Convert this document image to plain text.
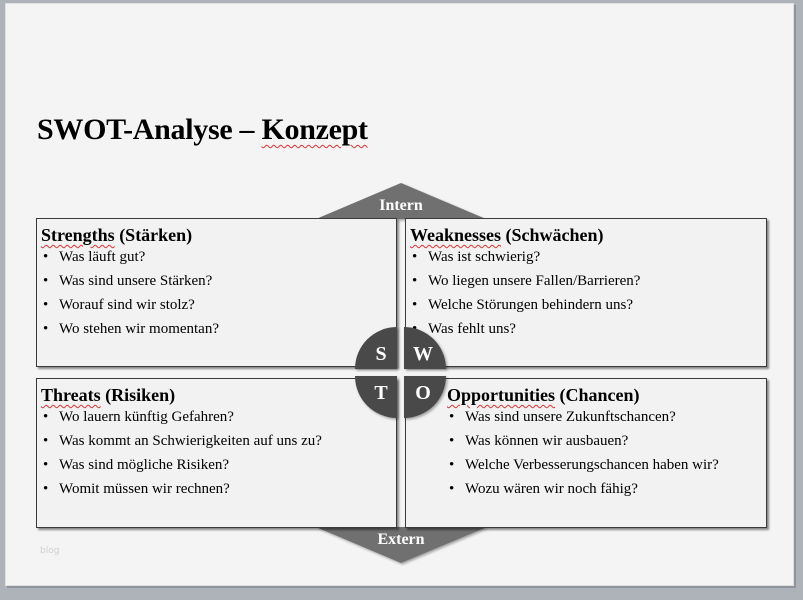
SWOT-Analyse – Konzept
Intern
Strengths (Stärken)
• Was läuft gut?
• Was sind unsere Stärken?
• Worauf sind wir stolz?
• Wo stehen wir momentan?
Weaknesses (Schwächen)
• Was ist schwierig?
• Wo liegen unsere Fallen/Barrieren?
• Welche Störungen behindern uns?
• Was fehlt uns?
Threats (Risiken)
• Wo lauern künftig Gefahren?
• Was kommt an Schwierigkeiten auf uns zu?
• Was sind mögliche Risiken?
• Womit müssen wir rechnen?
Opportunities (Chancen)
• Was sind unsere Zukunftschancen?
• Was können wir ausbauen?
• Welche Verbesserungschancen haben wir?
• Wozu wären wir noch fähig?
S	W
T	O
Extern
blog
